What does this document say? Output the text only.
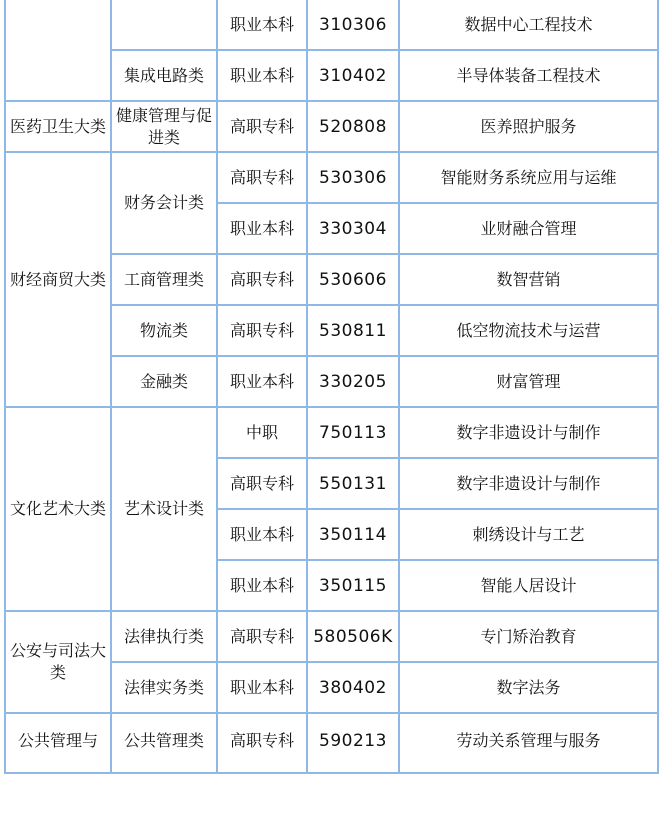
		职业本科	310306	数据中心工程技术
	集成电路类	职业本科	310402	半导体装备工程技术
医药卫生大类	健康管理与促进类	高职专科	520808	医养照护服务
财经商贸大类	财务会计类	高职专科	530306	智能财务系统应用与运维
		职业本科	330304	业财融合管理
	工商管理类	高职专科	530606	数智营销
	物流类	高职专科	530811	低空物流技术与运营
	金融类	职业本科	330205	财富管理
文化艺术大类	艺术设计类	中职	750113	数字非遗设计与制作
		高职专科	550131	数字非遗设计与制作
		职业本科	350114	刺绣设计与工艺
		职业本科	350115	智能人居设计
公安与司法大类	法律执行类	高职专科	580506K	专门矫治教育
	法律实务类	职业本科	380402	数字法务
公共管理与	公共管理类	高职专科	590213	劳动关系管理与服务
